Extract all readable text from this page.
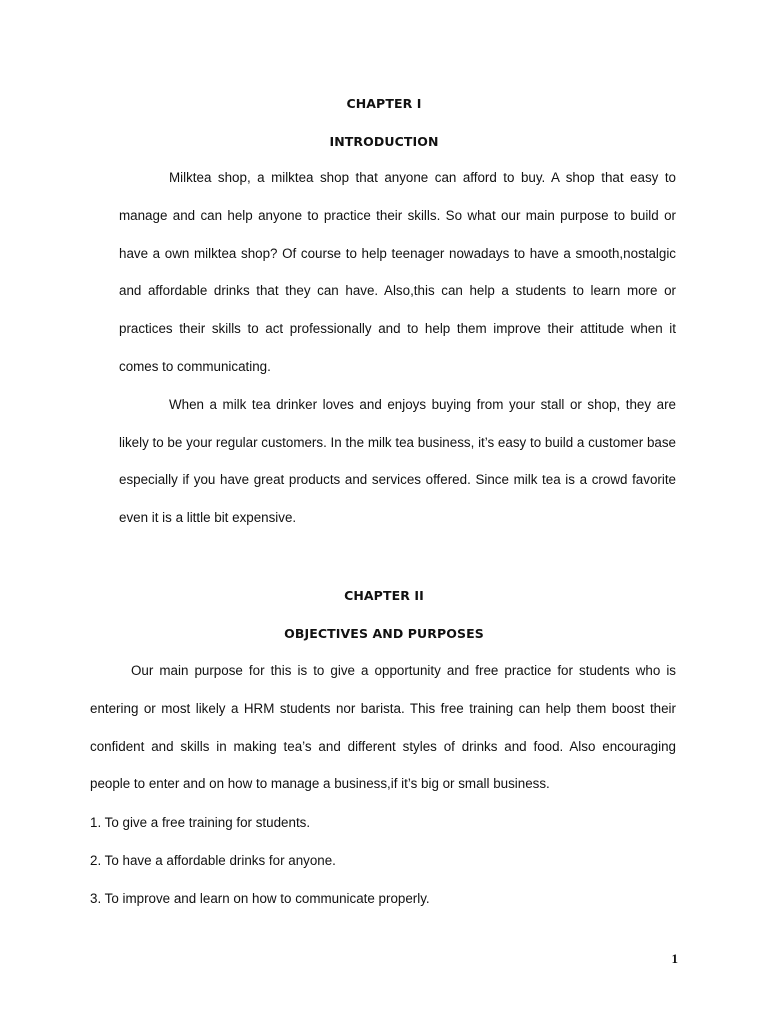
CHAPTER I
INTRODUCTION

Milktea shop, a milktea shop that anyone can afford to buy. A shop that easy to manage and can help anyone to practice their skills. So what our main purpose to build or have a own milktea shop? Of course to help teenager nowadays to have a smooth,nostalgic and affordable drinks that they can have. Also,this can help a students to learn more or practices their skills to act professionally and to help them improve their attitude when it comes to communicating.

When a milk tea drinker loves and enjoys buying from your stall or shop, they are likely to be your regular customers. In the milk tea business, it’s easy to build a customer base especially if you have great products and services offered. Since milk tea is a crowd favorite even it is a little bit expensive.

CHAPTER II
OBJECTIVES AND PURPOSES

Our main purpose for this is to give a opportunity and free practice for students who is entering or most likely a HRM students nor barista. This free training can help them boost their confident and skills in making tea’s and different styles of drinks and food. Also encouraging people to enter and on how to manage a business,if it’s big or small business.

1. To give a free training for students.
2. To have a affordable drinks for anyone.
3. To improve and learn on how to communicate properly.
1
